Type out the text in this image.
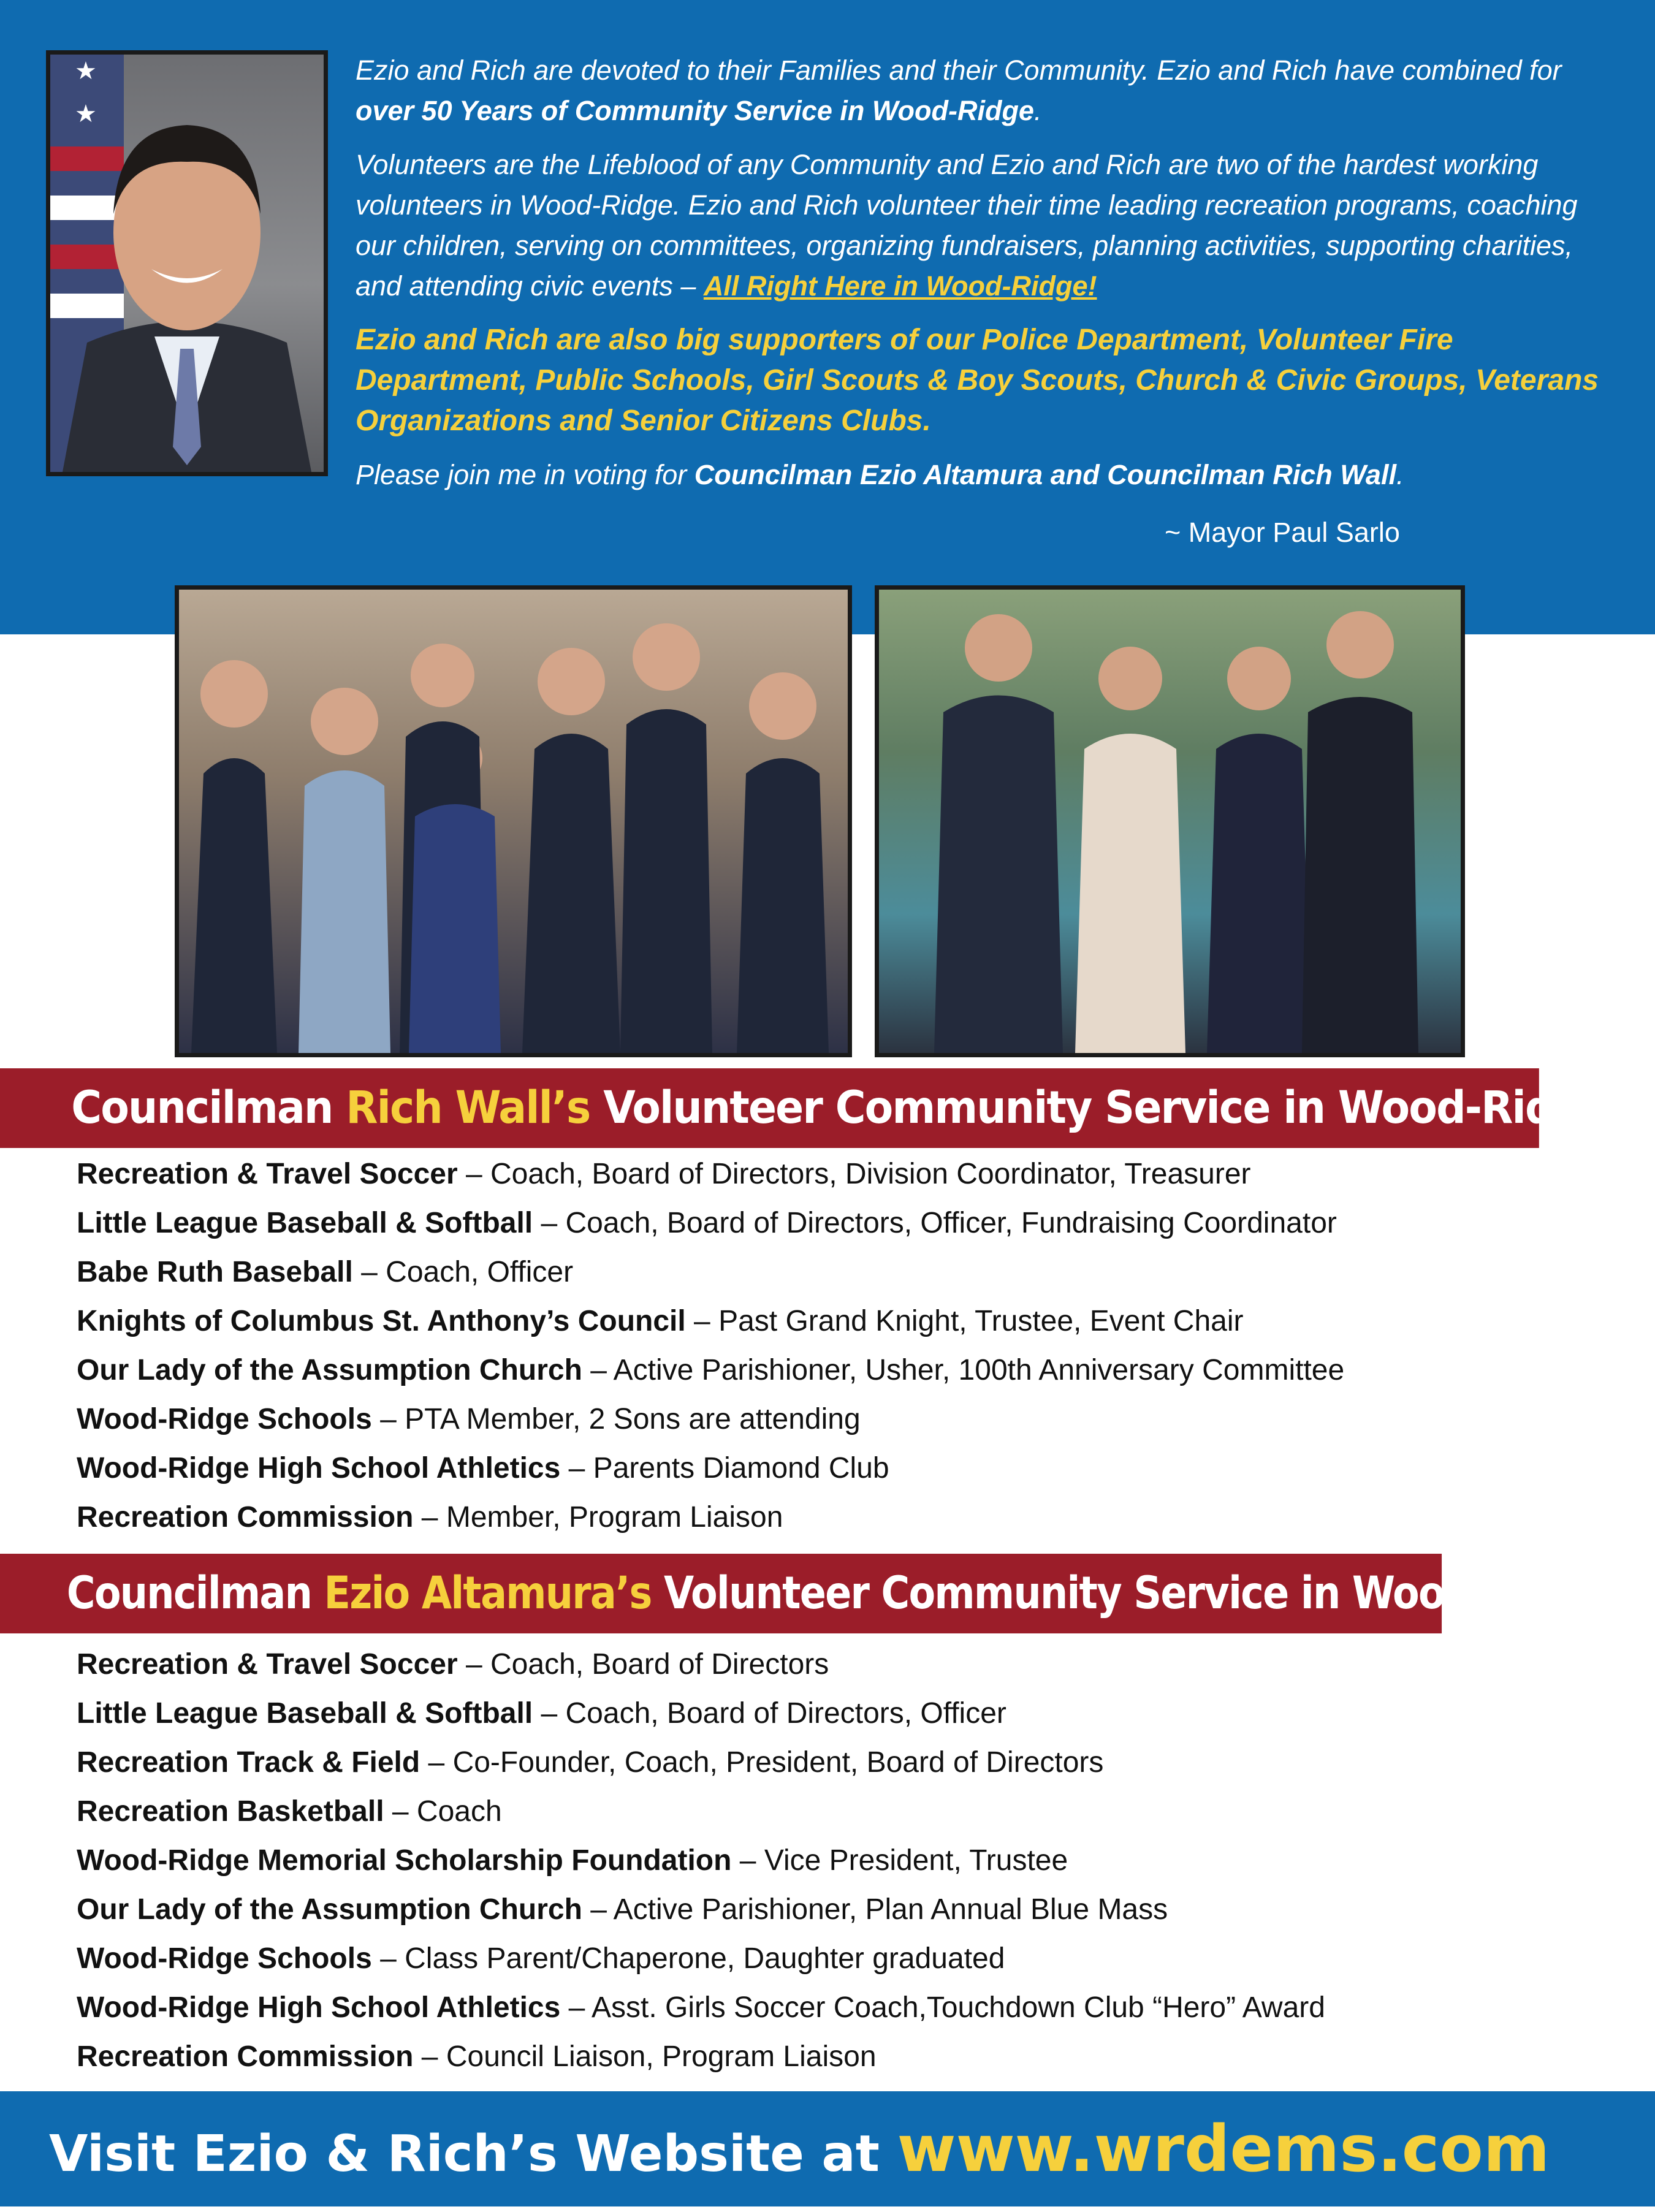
★
★

Ezio and Rich are devoted to their Families and their Community. Ezio and Rich have combined for over 50 Years of Community Service in Wood-Ridge.

Volunteers are the Lifeblood of any Community and Ezio and Rich are two of the hardest working volunteers in Wood-Ridge. Ezio and Rich volunteer their time leading recreation programs, coaching our children, serving on committees, organizing fundraisers, planning activities, supporting charities, and attending civic events – All Right Here in Wood-Ridge!

Ezio and Rich are also big supporters of our Police Department, Volunteer Fire Department, Public Schools, Girl Scouts & Boy Scouts, Church & Civic Groups, Veterans Organizations and Senior Citizens Clubs.

Please join me in voting for Councilman Ezio Altamura and Councilman Rich Wall.

~ Mayor Paul Sarlo
Councilman Rich Wall’s Volunteer Community Service in Wood-Ridge:
Recreation & Travel Soccer – Coach, Board of Directors, Division Coordinator, Treasurer
Little League Baseball & Softball – Coach, Board of Directors, Officer, Fundraising Coordinator
Babe Ruth Baseball – Coach, Officer
Knights of Columbus St. Anthony’s Council – Past Grand Knight, Trustee, Event Chair
Our Lady of the Assumption Church – Active Parishioner, Usher, 100th Anniversary Committee
Wood-Ridge Schools – PTA Member, 2 Sons are attending
Wood-Ridge High School Athletics – Parents Diamond Club
Recreation Commission – Member, Program Liaison
Councilman Ezio Altamura’s Volunteer Community Service in Wood-Ridge:
Recreation & Travel Soccer – Coach, Board of Directors
Little League Baseball & Softball – Coach, Board of Directors, Officer
Recreation Track & Field – Co-Founder, Coach, President, Board of Directors
Recreation Basketball – Coach
Wood-Ridge Memorial Scholarship Foundation – Vice President, Trustee
Our Lady of the Assumption Church – Active Parishioner, Plan Annual Blue Mass
Wood-Ridge Schools – Class Parent/Chaperone, Daughter graduated
Wood-Ridge High School Athletics – Asst. Girls Soccer Coach,Touchdown Club “Hero” Award
Recreation Commission – Council Liaison, Program Liaison
Visit Ezio & Rich’s Website at www.wrdems.com
